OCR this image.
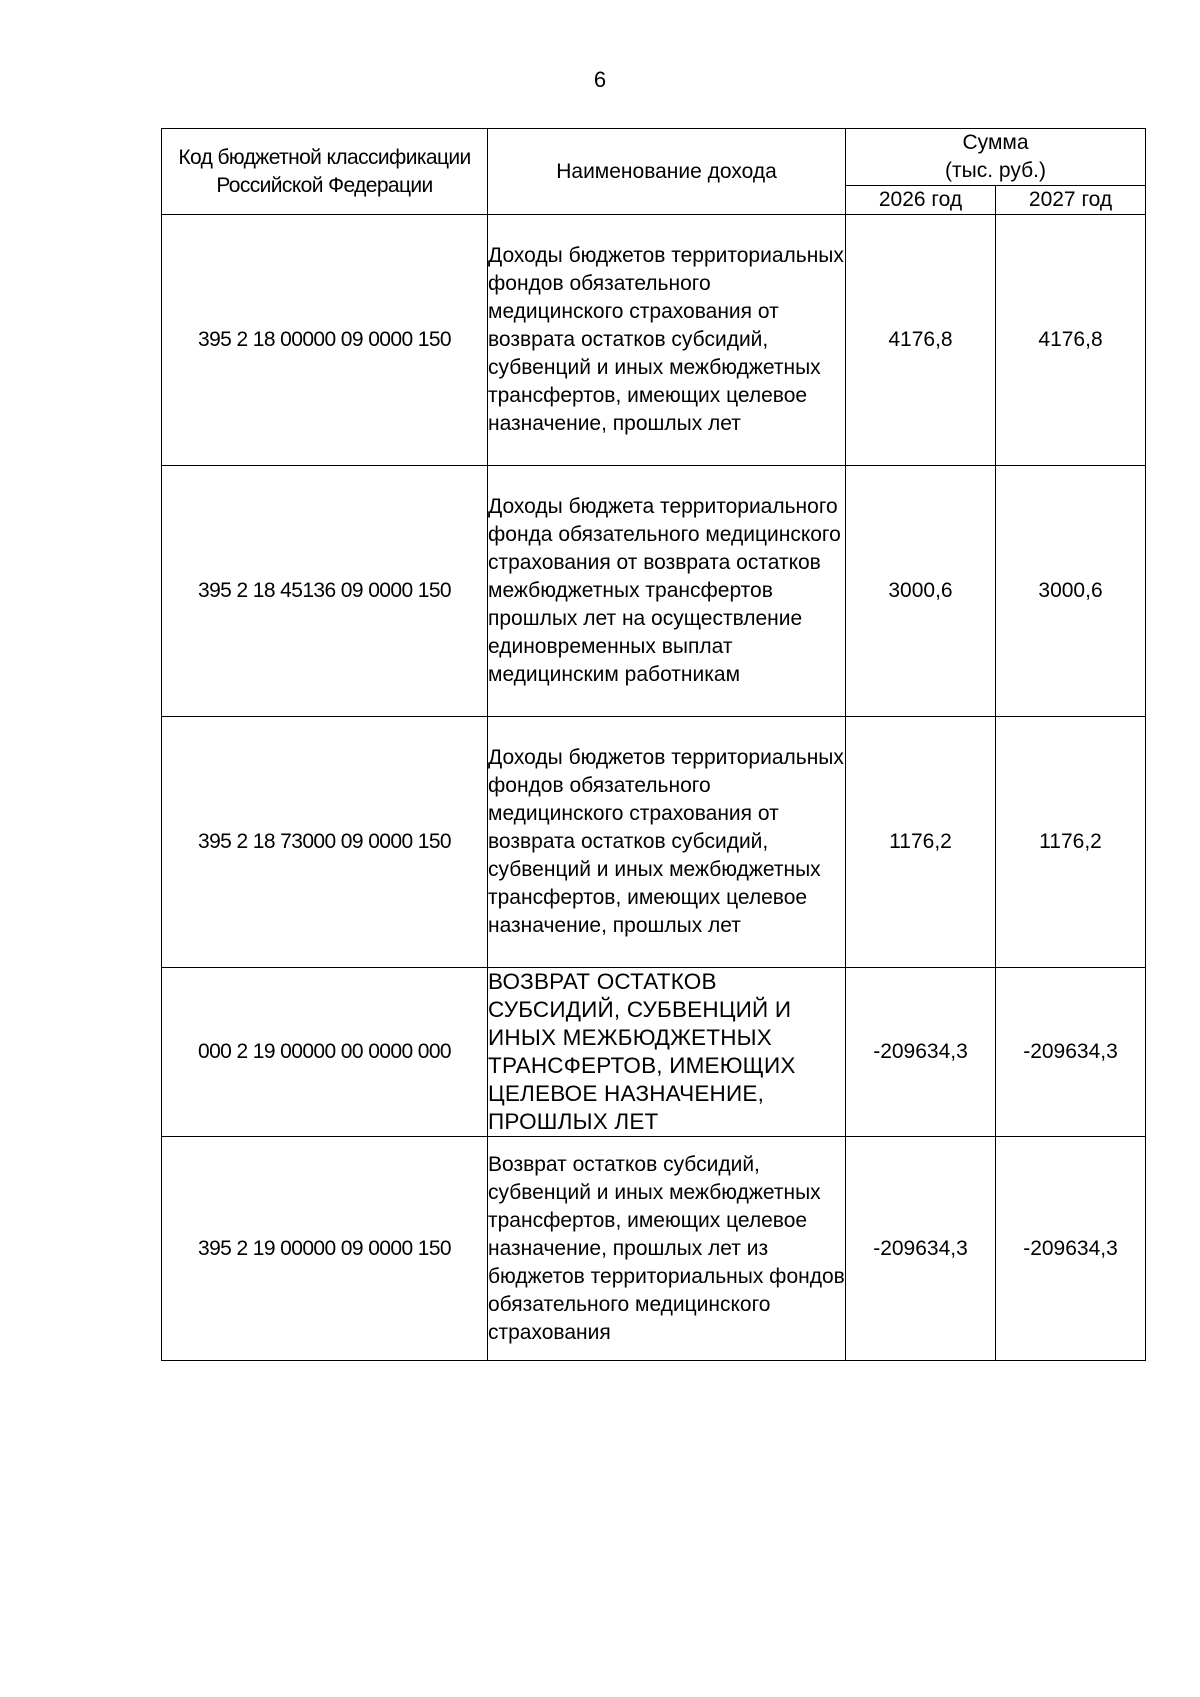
6
Код бюджетной классификации Российской Федерации	Наименование дохода	Сумма
(тыс. руб.)	
		2026 год	2027 год
395 2 18 00000 09 0000 150	Доходы бюджетов территориальных фондов обязательного медицинского страхования от возврата остатков субсидий, субвенций и иных межбюджетных трансфертов, имеющих целевое назначение, прошлых лет	4176,8	4176,8
395 2 18 45136 09 0000 150	Доходы бюджета территориального фонда обязательного медицинского страхования от возврата остатков межбюджетных трансфертов прошлых лет на осуществление единовременных выплат медицинским работникам	3000,6	3000,6
395 2 18 73000 09 0000 150	Доходы бюджетов территориальных фондов обязательного медицинского страхования от возврата остатков субсидий, субвенций и иных межбюджетных трансфертов, имеющих целевое назначение, прошлых лет	1176,2	1176,2
000 2 19 00000 00 0000 000	ВОЗВРАТ ОСТАТКОВ СУБСИДИЙ, СУБВЕНЦИЙ И ИНЫХ МЕЖБЮДЖЕТНЫХ ТРАНСФЕРТОВ, ИМЕЮЩИХ ЦЕЛЕВОЕ НАЗНАЧЕНИЕ, ПРОШЛЫХ ЛЕТ	-209634,3	-209634,3
395 2 19 00000 09 0000 150	Возврат остатков субсидий, субвенций и иных межбюджетных трансфертов, имеющих целевое назначение, прошлых лет из бюджетов территориальных фондов обязательного медицинского страхования	-209634,3	-209634,3
